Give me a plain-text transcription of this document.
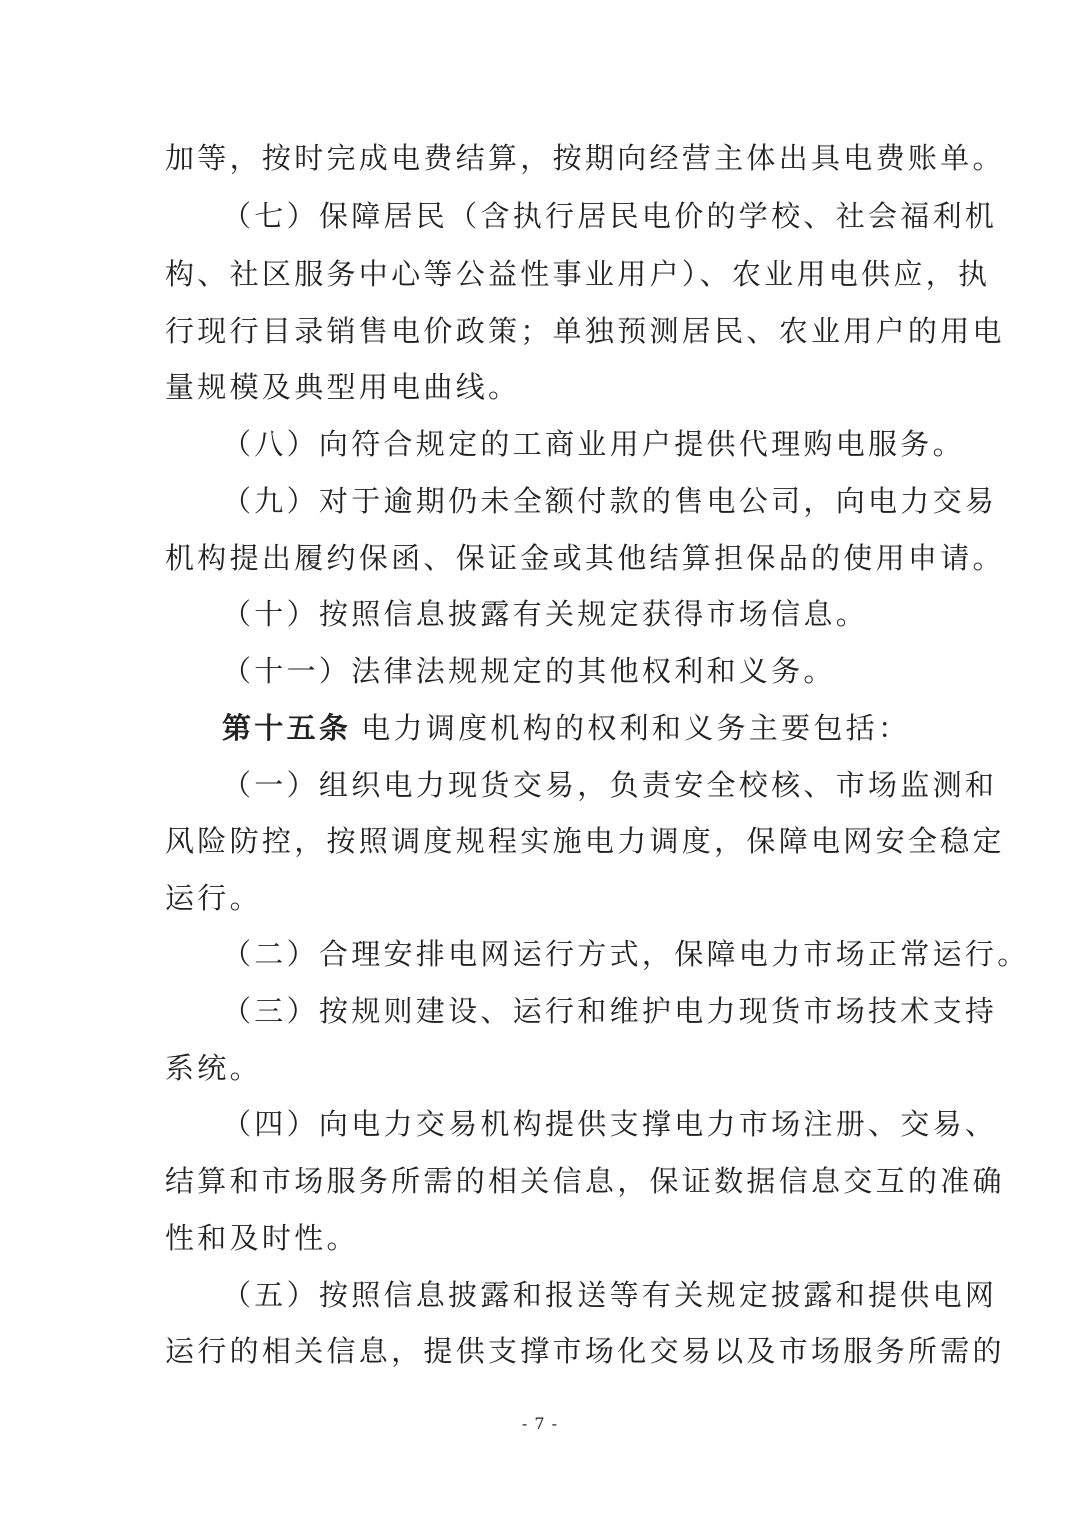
加等，按时完成电费结算，按期向经营主体出具电费账单。
（七）保障居民（含执行居民电价的学校、社会福利机
构、社区服务中心等公益性事业用户）、农业用电供应，执
行现行目录销售电价政策；单独预测居民、农业用户的用电
量规模及典型用电曲线。
（八）向符合规定的工商业用户提供代理购电服务。
（九）对于逾期仍未全额付款的售电公司，向电力交易
机构提出履约保函、保证金或其他结算担保品的使用申请。
（十）按照信息披露有关规定获得市场信息。
（十一）法律法规规定的其他权利和义务。
第十五条 电力调度机构的权利和义务主要包括：
（一）组织电力现货交易，负责安全校核、市场监测和
风险防控，按照调度规程实施电力调度，保障电网安全稳定
运行。
（二）合理安排电网运行方式，保障电力市场正常运行。
（三）按规则建设、运行和维护电力现货市场技术支持
系统。
（四）向电力交易机构提供支撑电力市场注册、交易、
结算和市场服务所需的相关信息，保证数据信息交互的准确
性和及时性。
（五）按照信息披露和报送等有关规定披露和提供电网
运行的相关信息，提供支撑市场化交易以及市场服务所需的
- 7 -
